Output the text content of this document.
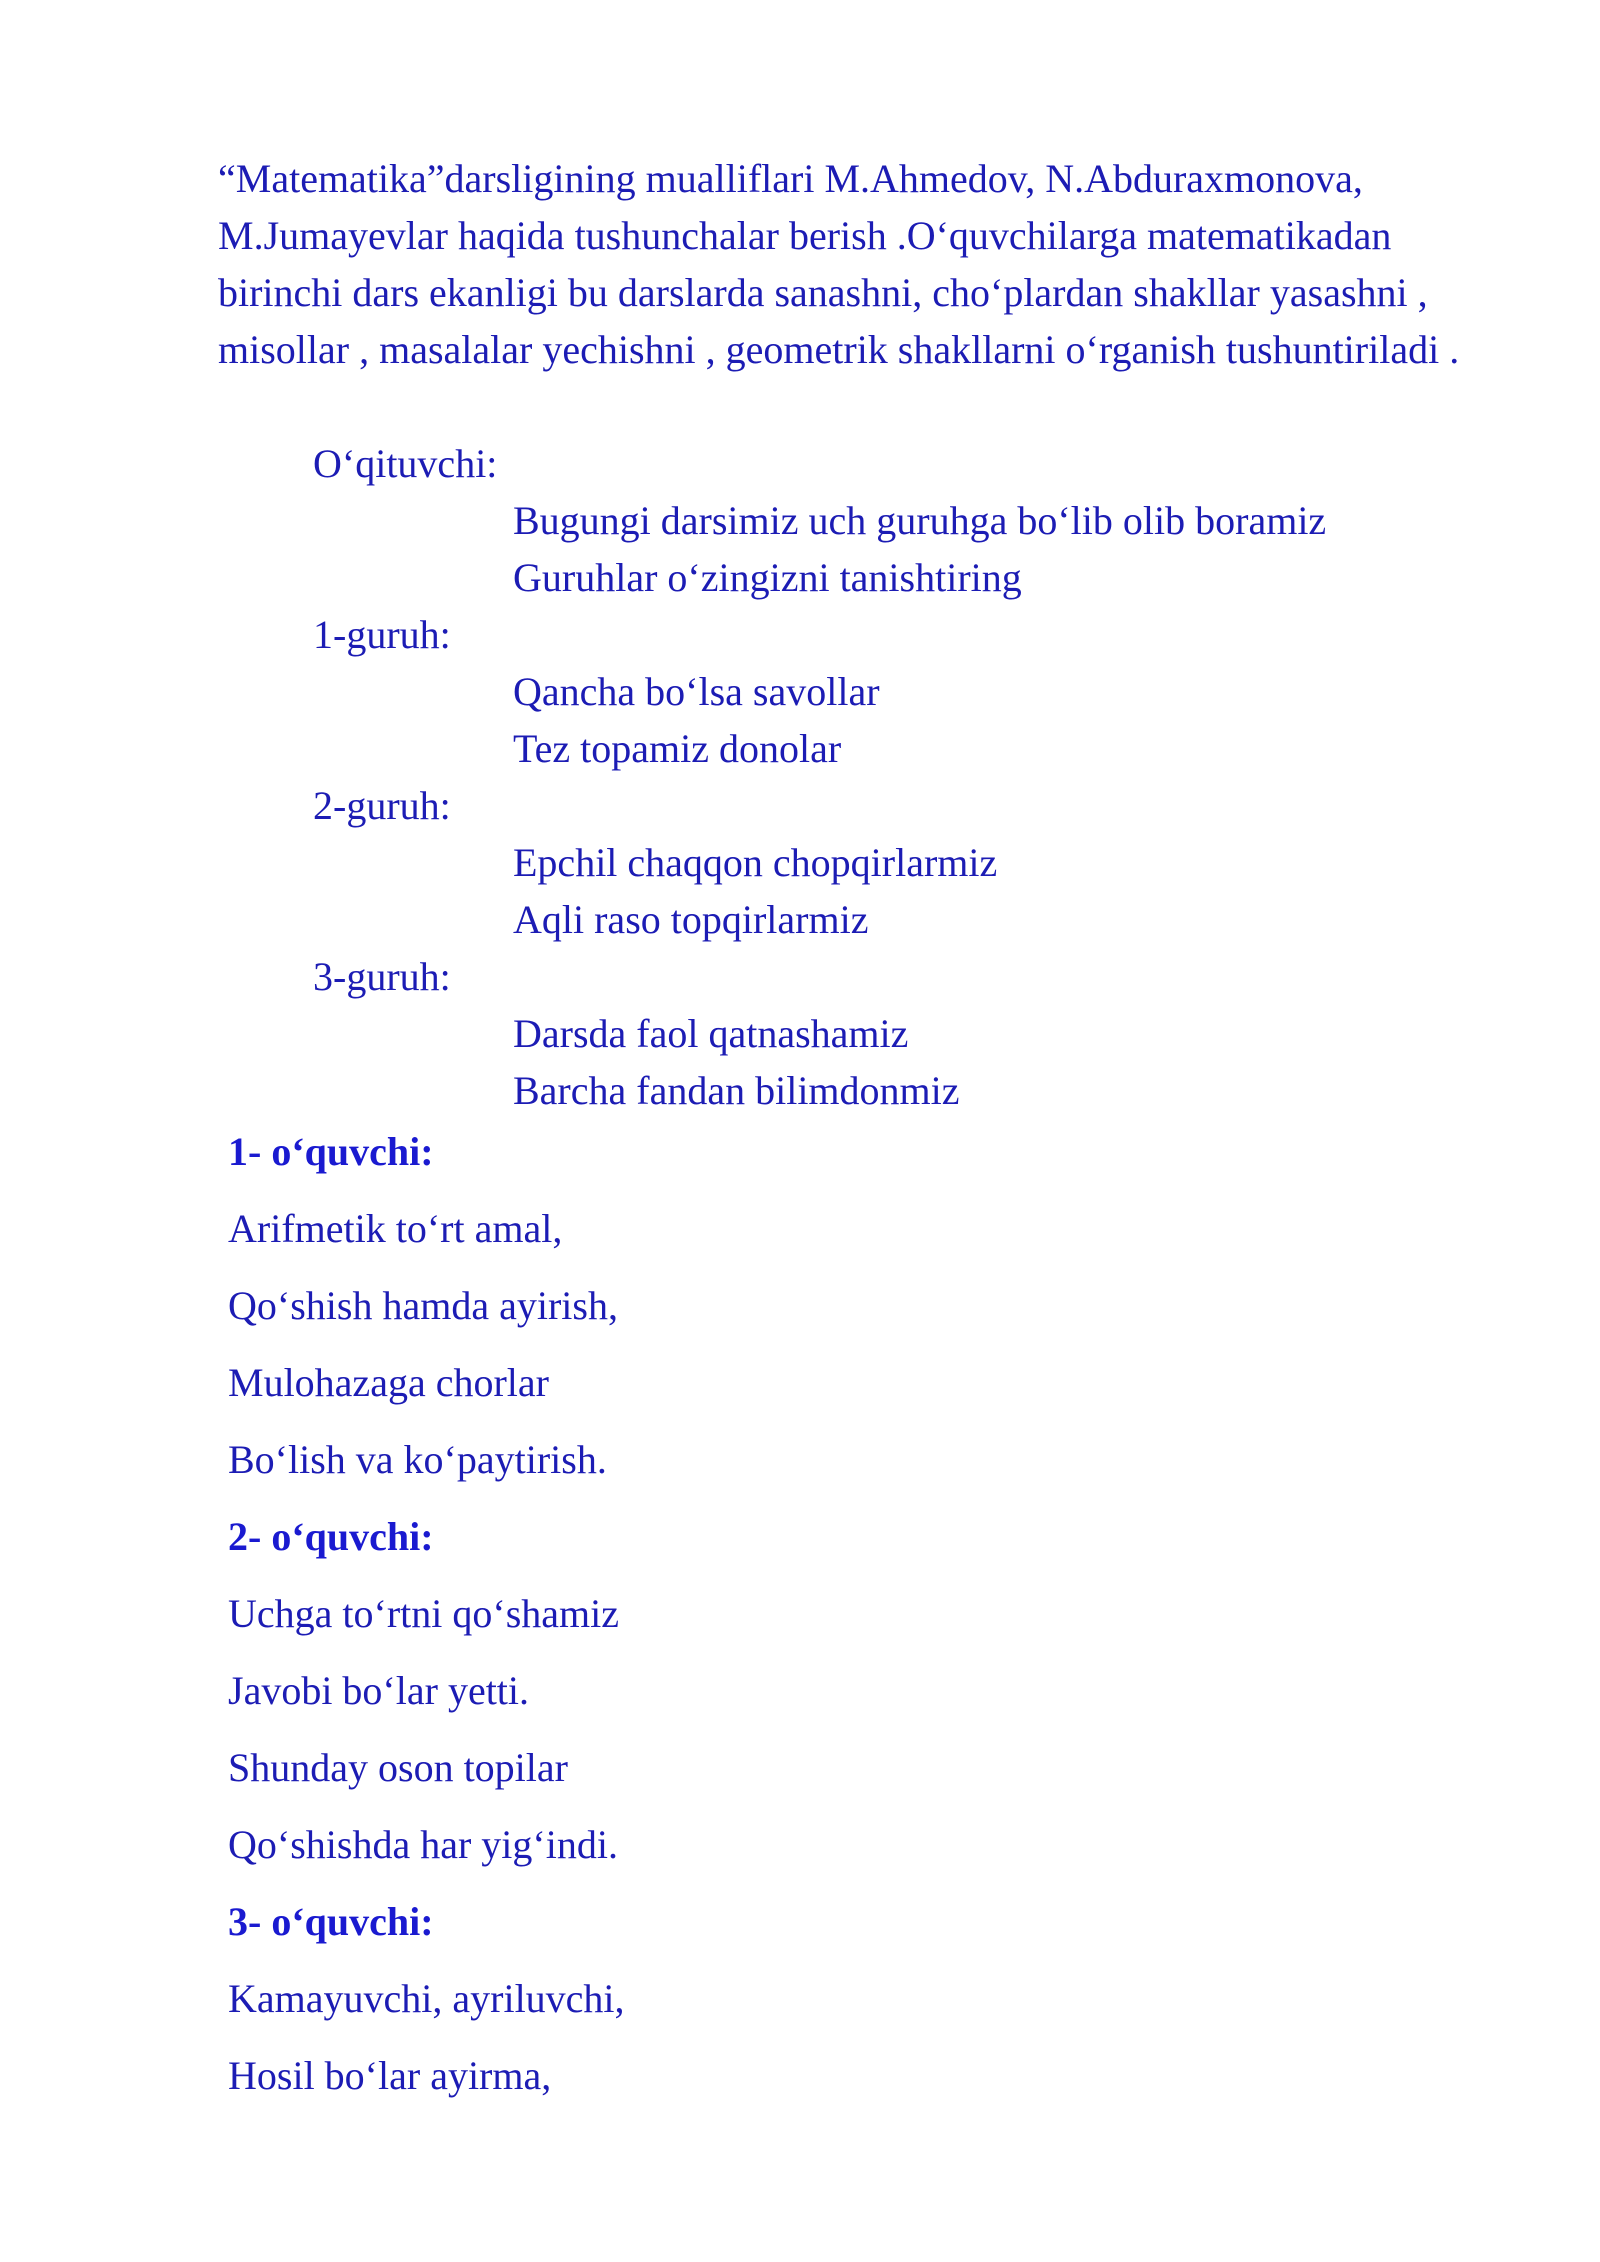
“Matematika”darsligining mualliflari M.Ahmedov, N.Abduraxmonova, M.Jumayevlar haqida tushunchalar berish .O‘quvchilarga matematikadan birinchi dars ekanligi bu darslarda sanashni, cho‘plardan shakllar yasashni , misollar , masalalar yechishni , geometrik shakllarni o‘rganish tushuntiriladi .

O‘qituvchi:
Bugungi darsimiz uch guruhga bo‘lib olib boramiz
Guruhlar o‘zingizni tanishtiring
1-guruh:
Qancha bo‘lsa savollar
Tez topamiz donolar
2-guruh:
Epchil chaqqon chopqirlarmiz
Aqli raso topqirlarmiz
3-guruh:
Darsda faol qatnashamiz
Barcha fandan bilimdonmiz
1- o‘quvchi:
Arifmetik to‘rt amal,
Qo‘shish hamda ayirish,
Mulohazaga chorlar
Bo‘lish va ko‘paytirish.
2- o‘quvchi:
Uchga to‘rtni qo‘shamiz
Javobi bo‘lar yetti.
Shunday oson topilar
Qo‘shishda har yig‘indi.
3- o‘quvchi:
Kamayuvchi, ayriluvchi,
Hosil bo‘lar ayirma,
